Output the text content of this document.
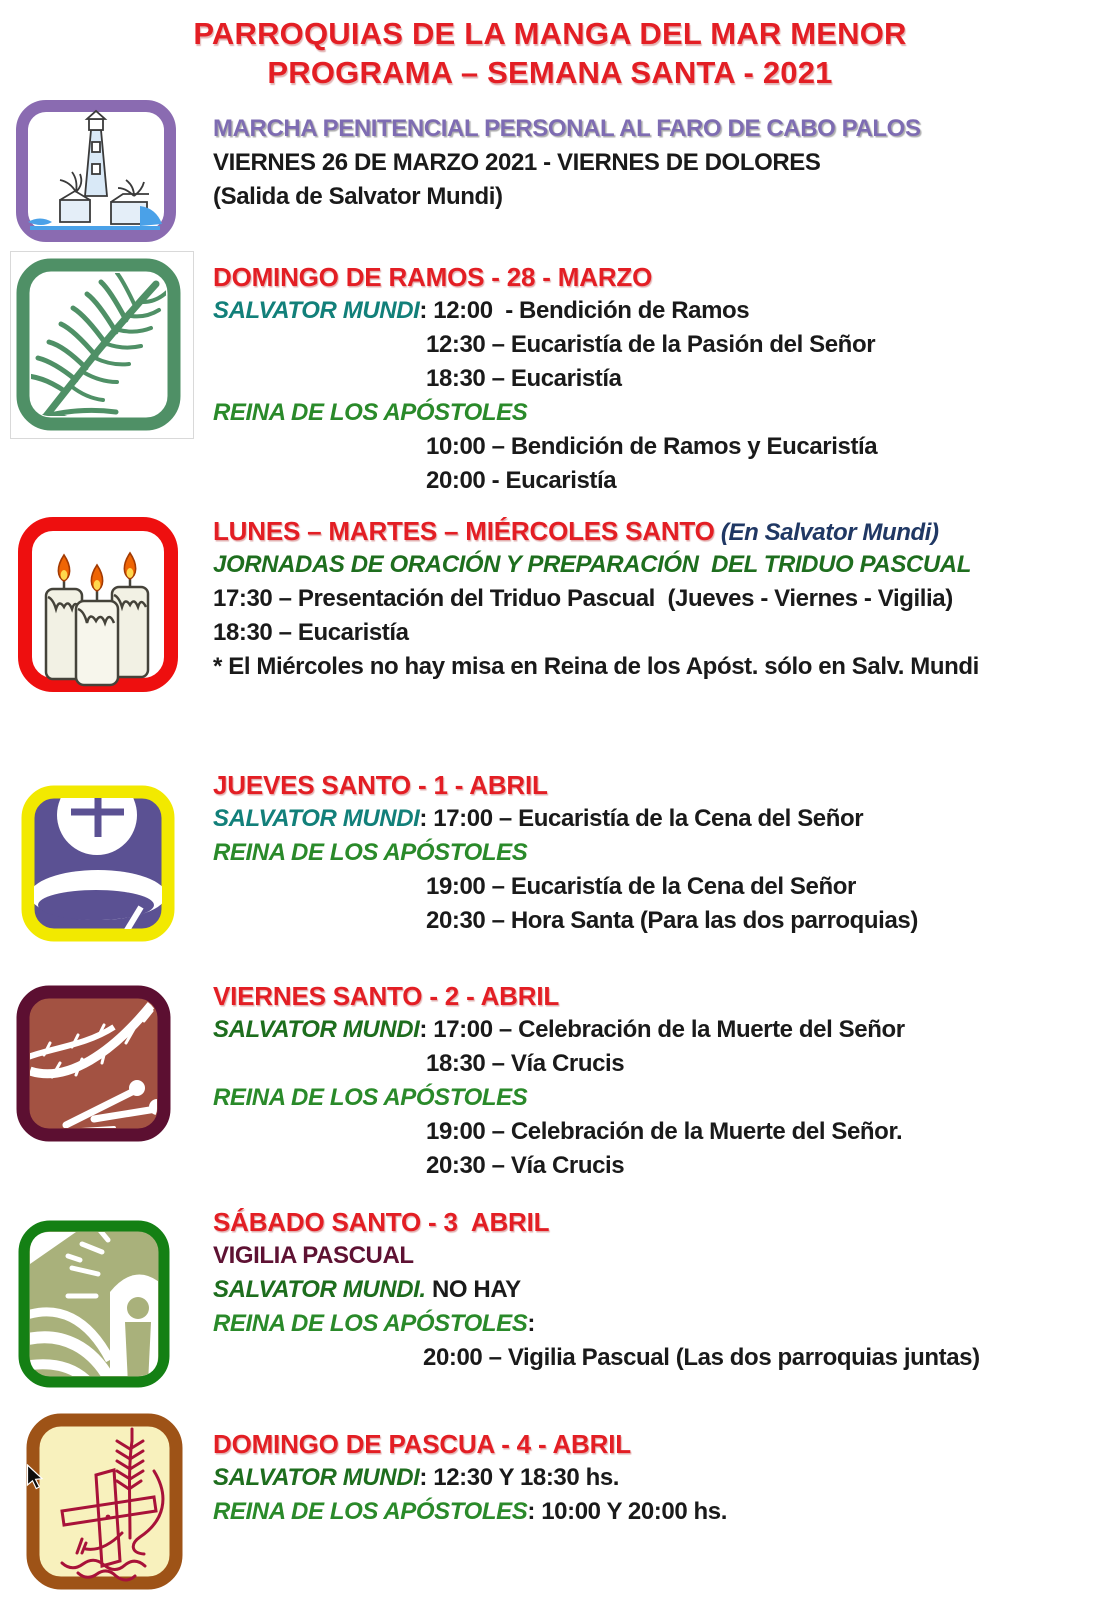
PARROQUIAS DE LA MANGA DEL MAR MENOR
PROGRAMA – SEMANA SANTA - 2021
MARCHA PENITENCIAL PERSONAL AL FARO DE CABO PALOS
VIERNES 26 DE MARZO 2021 - VIERNES DE DOLORES
(Salida de Salvator Mundi)
DOMINGO DE RAMOS - 28 - MARZO
SALVATOR MUNDI: 12:00  - Bendición de Ramos
12:30 – Eucaristía de la Pasión del Señor
18:30 – Eucaristía
REINA DE LOS APÓSTOLES
10:00 – Bendición de Ramos y Eucaristía
20:00 - Eucaristía
LUNES – MARTES – MIÉRCOLES SANTO (En Salvator Mundi)
JORNADAS DE ORACIÓN Y PREPARACIÓN  DEL TRIDUO PASCUAL
17:30 – Presentación del Triduo Pascual  (Jueves - Viernes - Vigilia)
18:30 – Eucaristía
* El Miércoles no hay misa en Reina de los Apóst. sólo en Salv. Mundi
JUEVES SANTO - 1 - ABRIL
SALVATOR MUNDI: 17:00 – Eucaristía de la Cena del Señor
REINA DE LOS APÓSTOLES
19:00 – Eucaristía de la Cena del Señor
20:30 – Hora Santa (Para las dos parroquias)
VIERNES SANTO - 2 - ABRIL
SALVATOR MUNDI: 17:00 – Celebración de la Muerte del Señor
18:30 – Vía Crucis
REINA DE LOS APÓSTOLES
19:00 – Celebración de la Muerte del Señor.
20:30 – Vía Crucis
SÁBADO SANTO - 3  ABRIL
VIGILIA PASCUAL
SALVATOR MUNDI. NO HAY
REINA DE LOS APÓSTOLES:
20:00 – Vigilia Pascual (Las dos parroquias juntas)
DOMINGO DE PASCUA - 4 - ABRIL
SALVATOR MUNDI: 12:30 Y 18:30 hs.
REINA DE LOS APÓSTOLES: 10:00 Y 20:00 hs.
